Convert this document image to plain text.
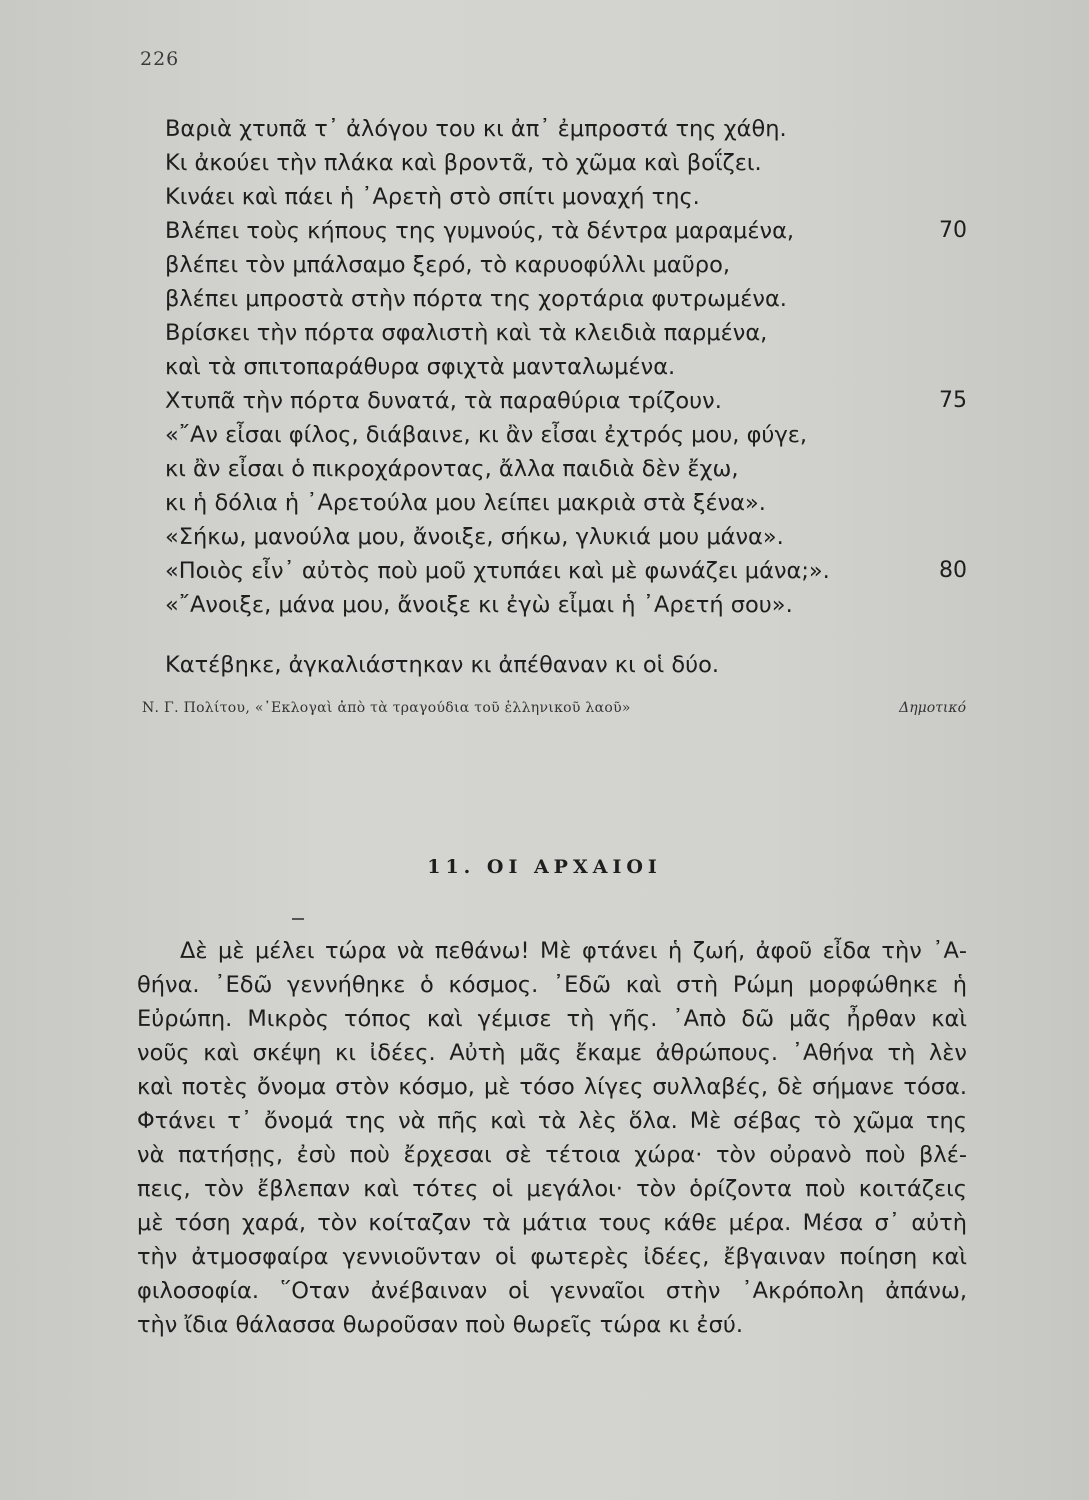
226
Βαριὰ χτυπᾶ τ᾽ ἀλόγου του κι ἀπ᾽ ἐμπροστά της χάθη.
Κι ἀκούει τὴν πλάκα καὶ βροντᾶ, τὸ χῶμα καὶ βοΐζει.
Κινάει καὶ πάει ἡ ᾽Αρετὴ στὸ σπίτι μοναχή της.
Βλέπει τοὺς κήπους της γυμνούς, τὰ δέντρα μαραμένα,	70
βλέπει τὸν μπάλσαμο ξερό, τὸ καρυοφύλλι μαῦρο,
βλέπει μπροστὰ στὴν πόρτα της χορτάρια φυτρωμένα.
Βρίσκει τὴν πόρτα σφαλιστὴ καὶ τὰ κλειδιὰ παρμένα,
καὶ τὰ σπιτοπαράθυρα σφιχτὰ μανταλωμένα.
Χτυπᾶ τὴν πόρτα δυνατά, τὰ παραθύρια τρίζουν.	75
«῎Αν εἶσαι φίλος, διάβαινε, κι ἂν εἶσαι ἐχτρός μου, φύγε,
κι ἂν εἶσαι ὁ πικροχάροντας, ἄλλα παιδιὰ δὲν ἔχω,
κι ἡ δόλια ἡ ᾽Αρετούλα μου λείπει μακριὰ στὰ ξένα».
«Σήκω, μανούλα μου, ἄνοιξε, σήκω, γλυκιά μου μάνα».
«Ποιὸς εἶν᾽ αὐτὸς ποὺ μοῦ χτυπάει καὶ μὲ φωνάζει μάνα;».	80
«῎Ανοιξε, μάνα μου, ἄνοιξε κι ἐγὼ εἶμαι ἡ ᾽Αρετή σου».
Κατέβηκε, ἀγκαλιάστηκαν κι ἀπέθαναν κι οἱ δύο.
Ν. Γ. Πολίτου, «᾽Εκλογαὶ ἀπὸ τὰ τραγούδια τοῦ ἑλληνικοῦ λαοῦ»	Δημοτικό
11. ΟΙ ΑΡΧΑΙΟΙ
Δὲ μὲ μέλει τώρα νὰ πεθάνω! Μὲ φτάνει ἡ ζωή, ἀφοῦ εἶδα τὴν ᾽Α-
θήνα. ᾽Εδῶ γεννήθηκε ὁ κόσμος. ᾽Εδῶ καὶ στὴ Ρώμη μορφώθηκε ἡ
Εὐρώπη. Μικρὸς τόπος καὶ γέμισε τὴ γῆς. ᾽Απὸ δῶ μᾶς ἦρθαν καὶ
νοῦς καὶ σκέψη κι ἰδέες. Αὐτὴ μᾶς ἔκαμε ἀθρώπους. ᾽Αθήνα τὴ λὲν
καὶ ποτὲς ὄνομα στὸν κόσμο, μὲ τόσο λίγες συλλαβές, δὲ σήμανε τόσα.
Φτάνει τ᾽ ὄνομά της νὰ πῆς καὶ τὰ λὲς ὅλα. Μὲ σέβας τὸ χῶμα της
νὰ πατήσῃς, ἐσὺ ποὺ ἔρχεσαι σὲ τέτοια χώρα· τὸν οὐρανὸ ποὺ βλέ-
πεις, τὸν ἔβλεπαν καὶ τότες οἱ μεγάλοι· τὸν ὁρίζοντα ποὺ κοιτάζεις
μὲ τόση χαρά, τὸν κοίταζαν τὰ μάτια τους κάθε μέρα. Μέσα σ᾽ αὐτὴ
τὴν ἀτμοσφαίρα γεννιοῦνταν οἱ φωτερὲς ἰδέες, ἔβγαιναν ποίηση καὶ
φιλοσοφία. ῞Οταν ἀνέβαιναν οἱ γενναῖοι στὴν ᾽Ακρόπολη ἀπάνω,
τὴν ἴδια θάλασσα θωροῦσαν ποὺ θωρεῖς τώρα κι ἐσύ.
